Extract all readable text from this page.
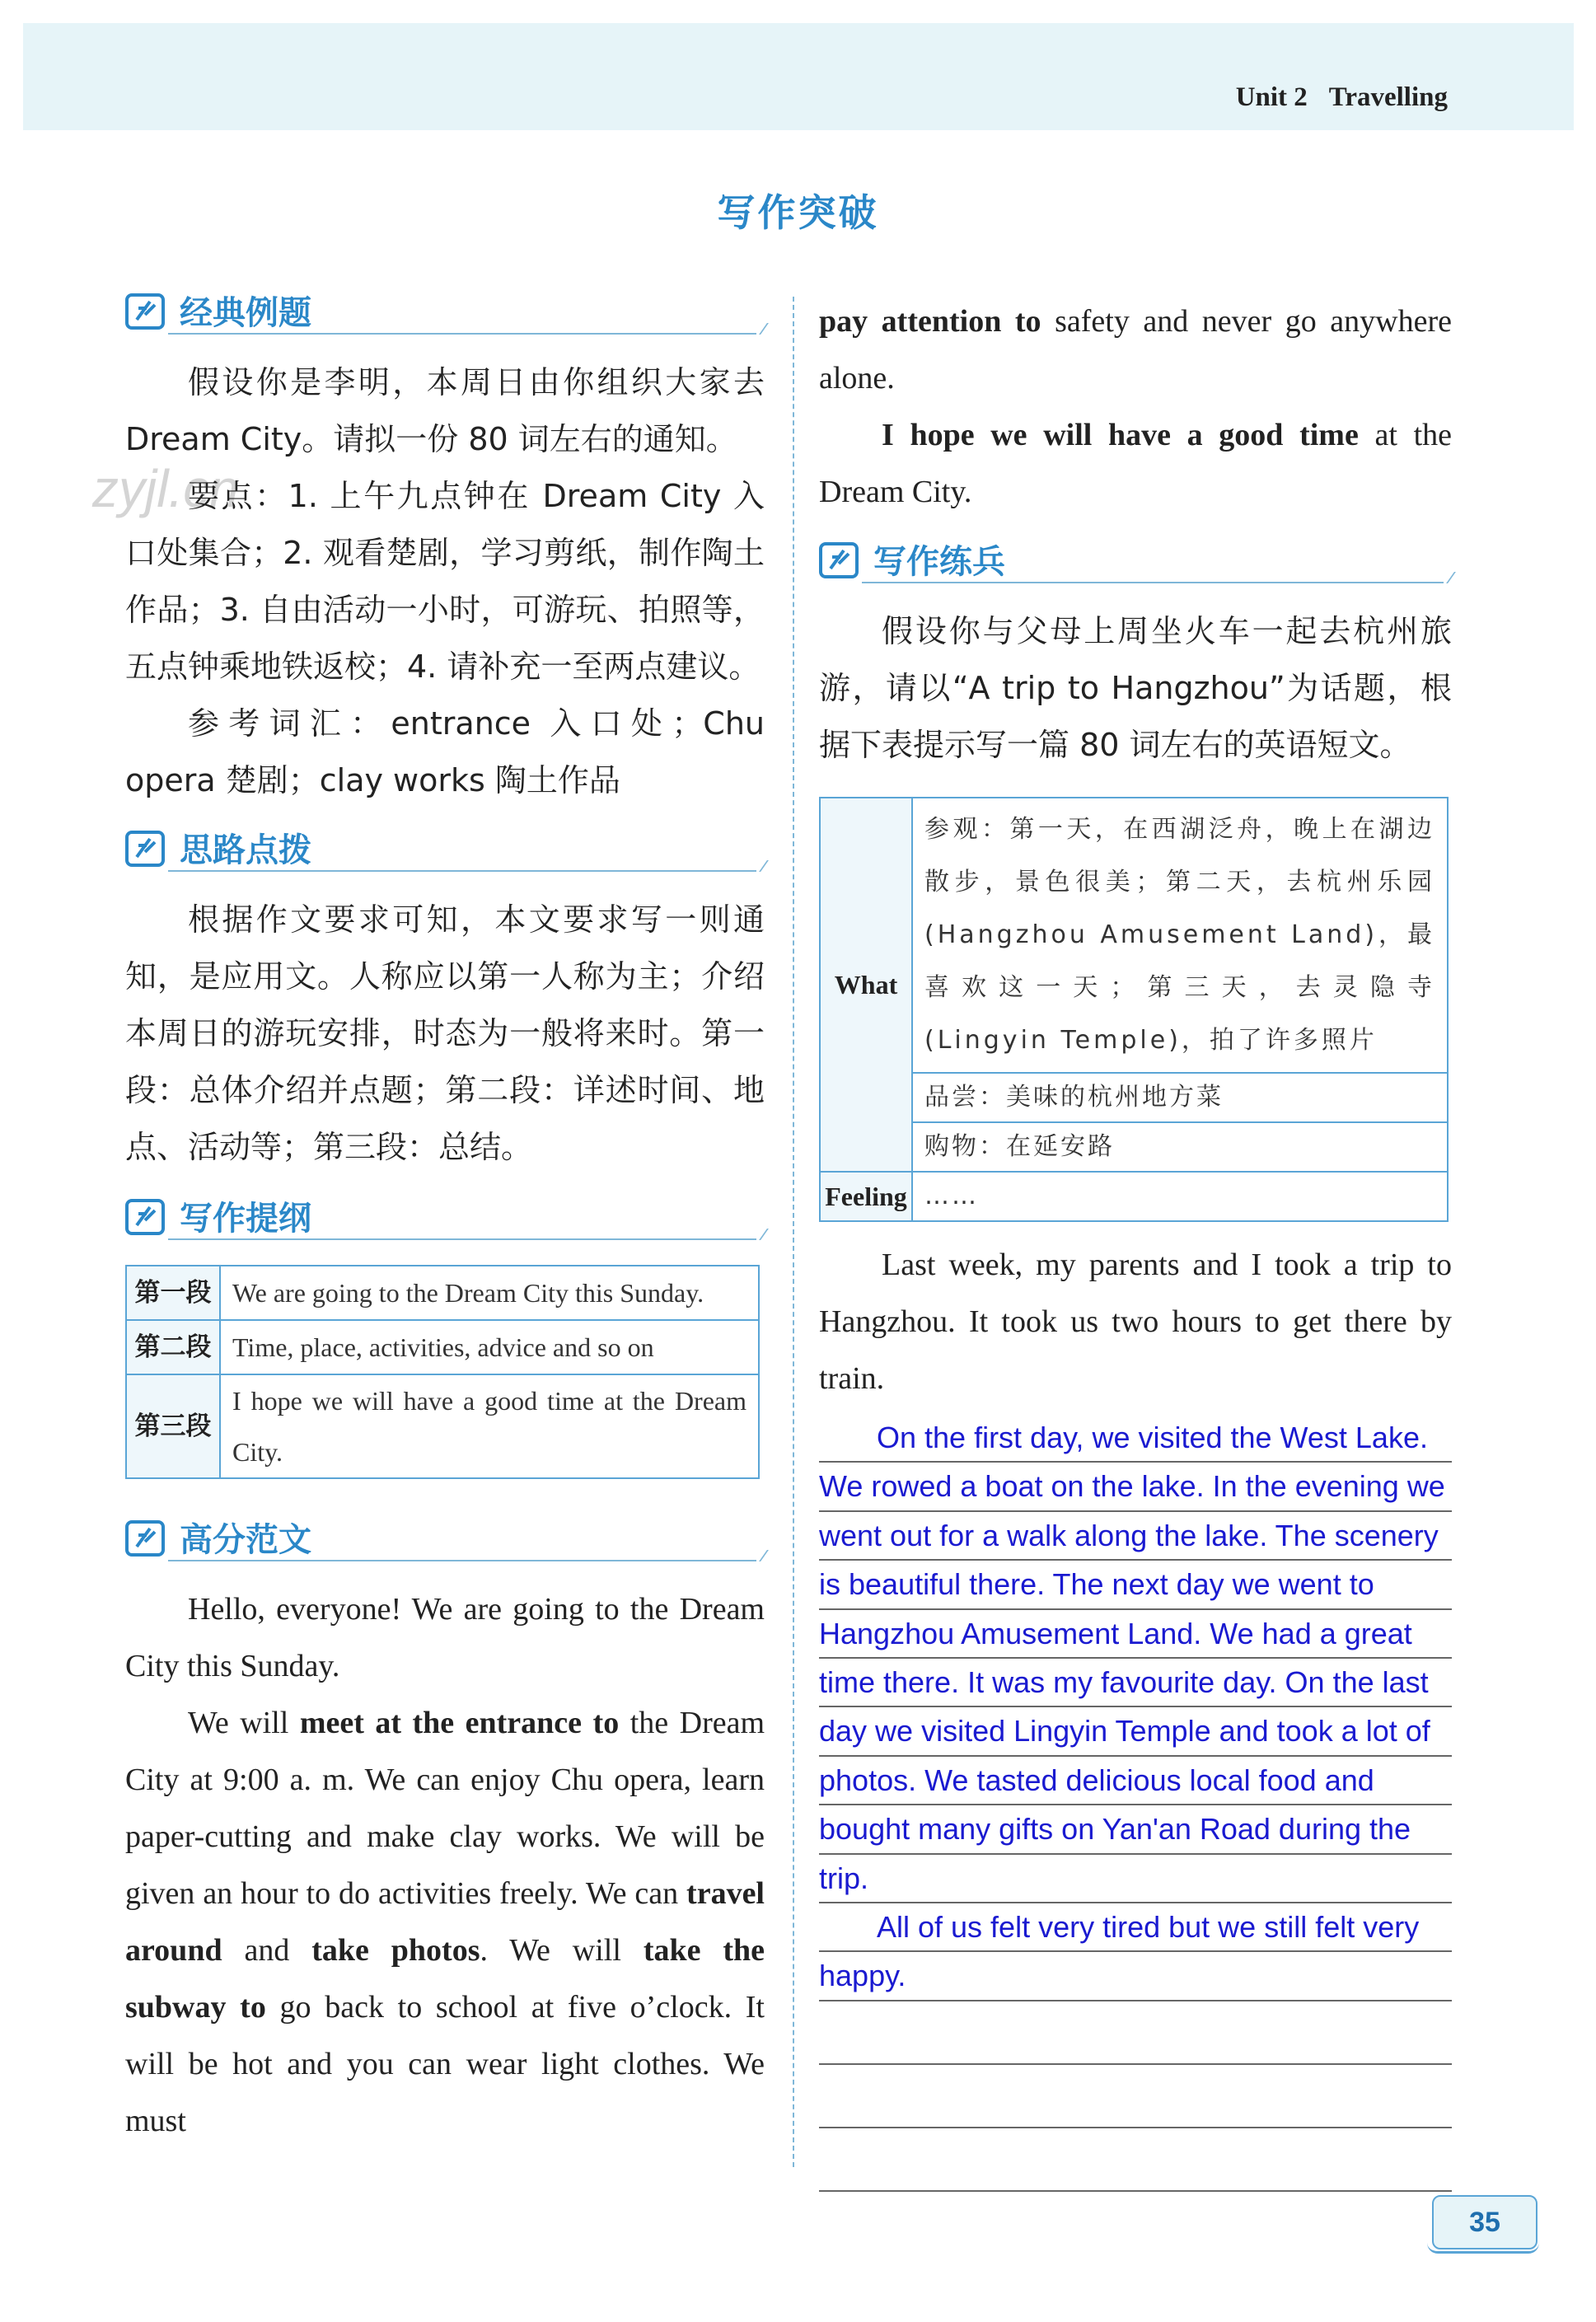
Unit 2 Travelling
zyjl.cn
写作突破
经典例题

假设你是李明，本周日由你组织大家去 Dream City。请拟一份 80 词左右的通知。

要点：1. 上午九点钟在 Dream City 入口处集合；2. 观看楚剧，学习剪纸，制作陶土作品；3. 自由活动一小时，可游玩、拍照等，五点钟乘地铁返校；4. 请补充一至两点建议。

参考词汇：entrance 入口处；Chu opera 楚剧；clay works 陶土作品

思路点拨

根据作文要求可知，本文要求写一则通知，是应用文。人称应以第一人称为主；介绍本周日的游玩安排，时态为一般将来时。第一段：总体介绍并点题；第二段：详述时间、地点、活动等；第三段：总结。

写作提纲
第一段	We are going to the Dream City this Sunday.
第二段	Time, place, activities, advice and so on
第三段	I hope we will have a good time at the Dream City.
高分范文

Hello, everyone! We are going to the Dream City this Sunday.

We will meet at the entrance to the Dream City at 9:00 a. m. We can enjoy Chu opera, learn paper-cutting and make clay works. We will be given an hour to do activities freely. We can travel around and take photos. We will take the subway to go back to school at five o’clock. It will be hot and you can wear light clothes. We must

pay attention to safety and never go anywhere alone.

I hope we will have a good time at the Dream City.

写作练兵

假设你与父母上周坐火车一起去杭州旅游，请以“A trip to Hangzhou”为话题，根据下表提示写一篇 80 词左右的英语短文。

What	参观：第一天，在西湖泛舟，晚上在湖边散步，景色很美；第二天，去杭州乐园(Hangzhou Amusement Land)，最喜欢这一天；第三天，去灵隐寺(Lingyin Temple)，拍了许多照片
	品尝：美味的杭州地方菜
	购物：在延安路
Feeling	……

Last week, my parents and I took a trip to Hangzhou. It took us two hours to get there by train.

On the first day, we visited the West Lake.
We rowed a boat on the lake. In the evening we
went out for a walk along the lake. The scenery
is beautiful there. The next day we went to
Hangzhou Amusement Land. We had a great
time there. It was my favourite day. On the last
day we visited Lingyin Temple and took a lot of
photos. We tasted delicious local food and
bought many gifts on Yan'an Road during the
trip.
All of us felt very tired but we still felt very
happy.
35
